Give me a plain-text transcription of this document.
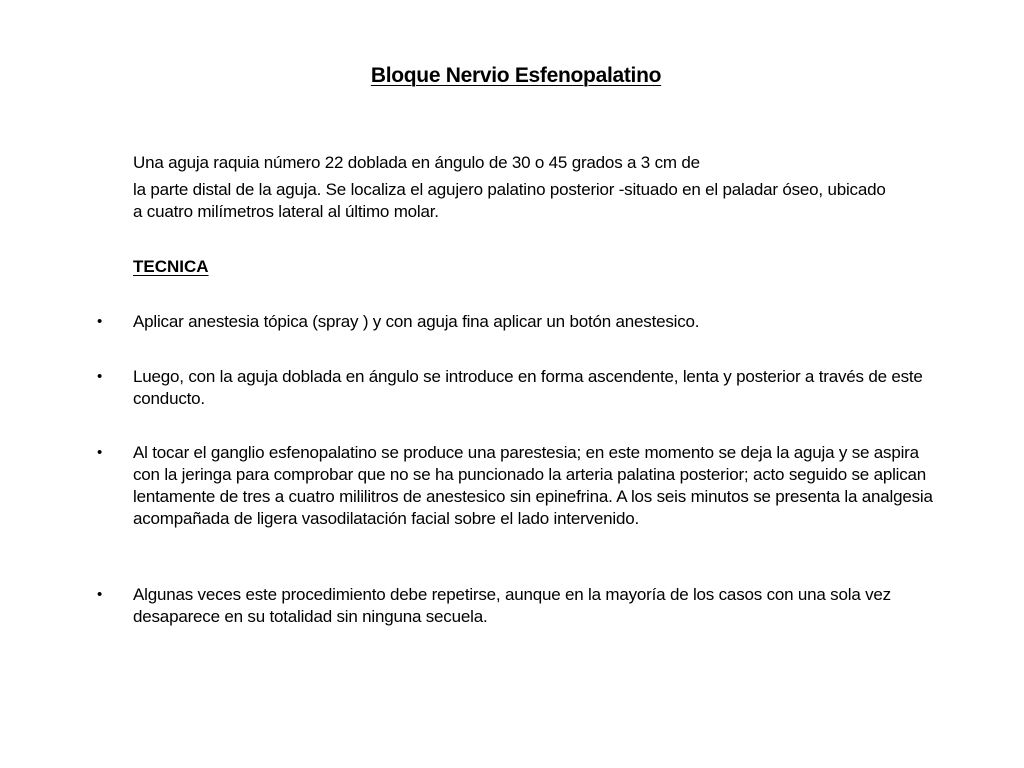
Bloque Nervio Esfenopalatino

Una aguja raquia número 22 doblada en ángulo de 30 o 45 grados a 3 cm de
la parte distal de la aguja. Se localiza el agujero palatino posterior -situado en el paladar óseo, ubicado a cuatro milímetros lateral al último molar.

TECNICA
• Aplicar anestesia tópica (spray ) y con aguja fina aplicar un botón anestesico.
• Luego, con la aguja doblada en ángulo se introduce en forma ascendente, lenta y posterior a través de este conducto.
• Al tocar el ganglio esfenopalatino se produce una parestesia; en este momento se deja la aguja y se aspira con la jeringa para comprobar que no se ha puncionado la arteria palatina posterior; acto seguido se aplican lentamente de tres a cuatro mililitros de anestesico sin epinefrina. A los seis minutos se presenta la analgesia acompañada de ligera vasodilatación facial sobre el lado intervenido.
• Algunas veces este procedimiento debe repetirse, aunque en la mayoría de los casos con una sola vez desaparece en su totalidad sin ninguna secuela.
